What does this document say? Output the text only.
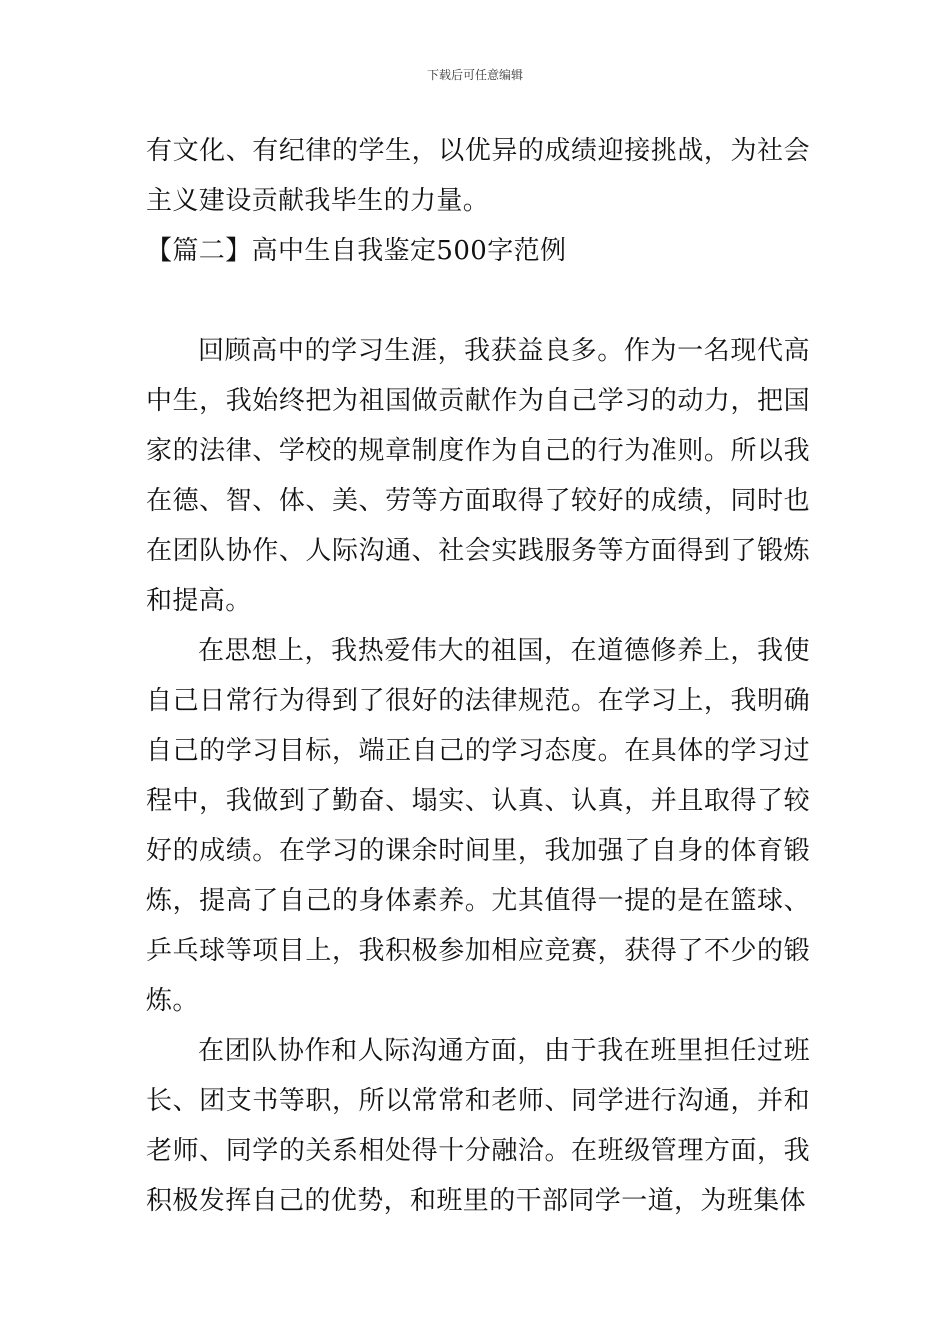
下载后可任意编辑

有文化、有纪律的学生，以优异的成绩迎接挑战，为社会主义建设贡献我毕生的力量。

【篇二】高中生自我鉴定500字范例

回顾高中的学习生涯，我获益良多。作为一名现代高中生，我始终把为祖国做贡献作为自己学习的动力，把国家的法律、学校的规章制度作为自己的行为准则。所以我在德、智、体、美、劳等方面取得了较好的成绩，同时也在团队协作、人际沟通、社会实践服务等方面得到了锻炼和提高。

在思想上，我热爱伟大的祖国，在道德修养上，我使自己日常行为得到了很好的法律规范。在学习上，我明确自己的学习目标，端正自己的学习态度。在具体的学习过程中，我做到了勤奋、塌实、认真、认真，并且取得了较好的成绩。在学习的课余时间里，我加强了自身的体育锻炼，提高了自己的身体素养。尤其值得一提的是在篮球、乒乓球等项目上，我积极参加相应竞赛，获得了不少的锻炼。

在团队协作和人际沟通方面，由于我在班里担任过班长、团支书等职，所以常常和老师、同学进行沟通，并和老师、同学的关系相处得十分融洽。在班级管理方面，我积极发挥自己的优势，和班里的干部同学一道，为班集体
